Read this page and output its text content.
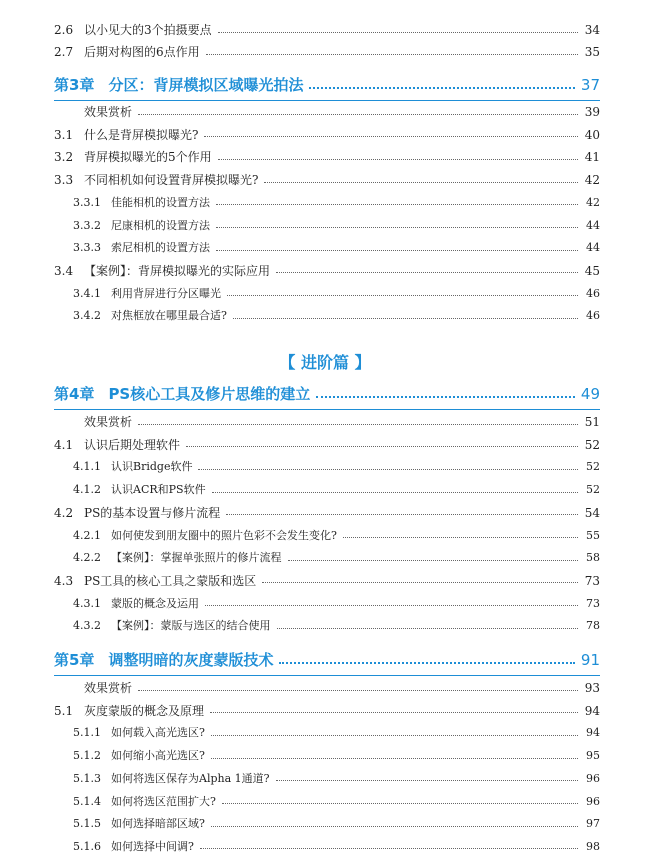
2.6 以小见大的3个拍摄要点	34
2.7 后期对构图的6点作用	35
第3章 分区：背屏模拟区域曝光拍法	37
效果赏析	39
3.1 什么是背屏模拟曝光?	40
3.2 背屏模拟曝光的5个作用	41
3.3 不同相机如何设置背屏模拟曝光?	42
3.3.1 佳能相机的设置方法	42
3.3.2 尼康相机的设置方法	44
3.3.3 索尼相机的设置方法	44
3.4 【案例】：背屏模拟曝光的实际应用	45
3.4.1 利用背屏进行分区曝光	46
3.4.2 对焦框放在哪里最合适?	46
【 进阶篇 】
第4章 PS核心工具及修片思维的建立	49
效果赏析	51
4.1 认识后期处理软件	52
4.1.1 认识Bridge软件	52
4.1.2 认识ACR和PS软件	52
4.2 PS的基本设置与修片流程	54
4.2.1 如何使发到朋友圈中的照片色彩不会发生变化?	55
4.2.2 【案例】：掌握单张照片的修片流程	58
4.3 PS工具的核心工具之蒙版和选区	73
4.3.1 蒙版的概念及运用	73
4.3.2 【案例】：蒙版与选区的结合使用	78
第5章 调整明暗的灰度蒙版技术	91
效果赏析	93
5.1 灰度蒙版的概念及原理	94
5.1.1 如何载入高光选区?	94
5.1.2 如何缩小高光选区?	95
5.1.3 如何将选区保存为Alpha 1通道?	96
5.1.4 如何将选区范围扩大?	96
5.1.5 如何选择暗部区域?	97
5.1.6 如何选择中间调?	98
